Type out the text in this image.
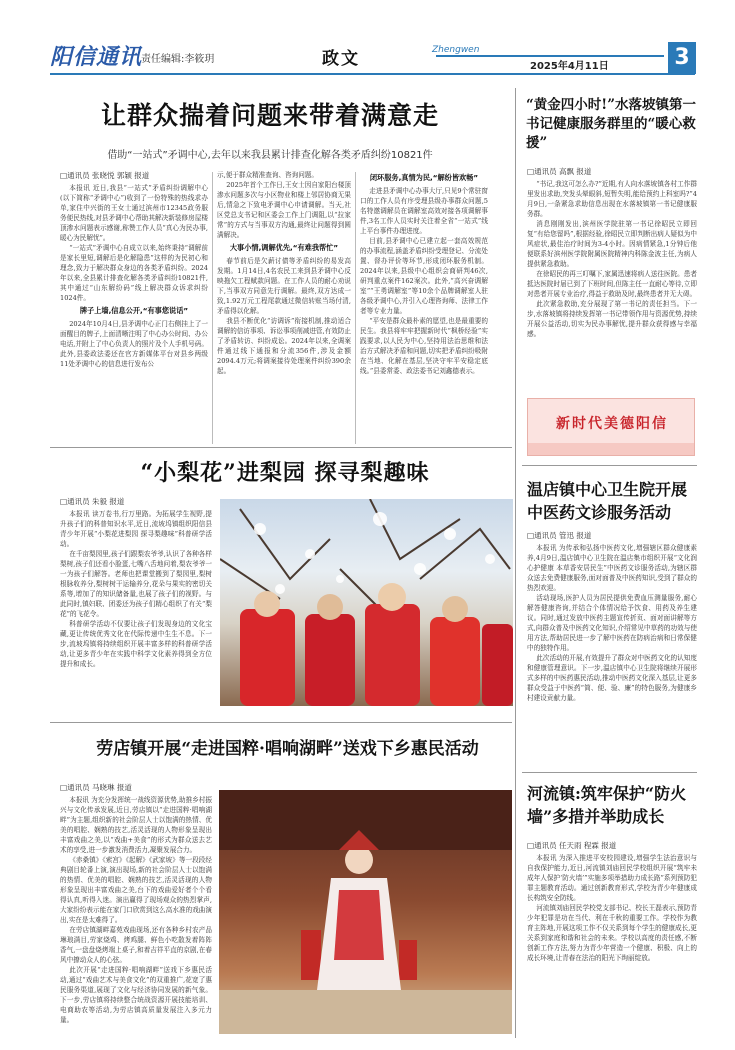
阳信通讯
责任编辑:李筱玥	政文	Zhengwen
2025年4月11日	3
让群众揣着问题来带着满意走
借助“一站式”矛调中心,去年以来我县累计排查化解各类矛盾纠纷10821件
□通讯员 张晓悦 郭颖 报道

本报讯 近日,我县“一站式”矛盾纠纷调解中心(以下简称“矛调中心”)收到了一份特殊的热线求办单,家住中兴街的王女士通过滨州市12345政务服务便民热线,对县矛调中心帮助其解决新装修房屋楼顶渗水问题表示感谢,称赞工作人员“真心为民办事,暖心为民解忧”。

“一站式”矛调中心自成立以来,始终秉持“调解前是家长里短,调解后是化解隐患”这样的为民初心和理念,致力于解决群众身边的各类矛盾纠纷。2024年以来,全县累计排查化解各类矛盾纠纷10821件,其中通过“山东解纷码”线上解决群众诉求纠纷1024件。

牌子上墙,信息公开,“有事您说话”

2024年10月4日,县矛调中心正门右侧挂上了一面醒目的牌子,上面清晰注明了中心办公时间、办公电话,并附上了中心负责人的照片及个人手机号码。此外,县委政法委还在官方新媒体平台对县乡两级11处矛调中心的信息进行发布公

示,便于群众精准查询、咨询问题。

2025年首个工作日,王女士因自家阳台楼顶渗水问题多次与小区物业和楼上邻居协商无果后,情急之下致电矛调中心申请调解。当天,社区党总支书记和区委会工作上门调阻,以“拉家常”的方式与当事双方沟通,最终让问题得到圆满解决。

大事小情,调解优先,“有难我帮忙”

春节前后是欠薪讨债等矛盾纠纷的易发高发期。1月14日,4名农民工来到县矛调中心反映拖欠工程赋款问题。在工作人员的耐心劝说下,当事双方同意先行调解。最终,双方达成一致,1.92万元工程尾款通过微信转账当场付清,矛盾得以化解。

我县不断优化“访调诉”衔接机制,推动适合调解的信访事项、诉讼事项削减进管,有效防止了矛盾转访、纠纷成讼。2024年以来,全调案件通过线下通报和分流356件,涉及金额2094.4万元;将调案接待处理案件纠纷390余起。

闭环服务,真情为民,“解纷皆欢畅”

走进县矛调中心办事大厅,只见9个常驻窗口的工作人员有序受理县级办事群众问题,5名特邀调解员在调解室高效对接各项调解事件,3名工作人员实时关注着全省“一站式”线上平台事件办理进度。

目前,县矛调中心已建立起一套高效规范的办事流程,涵盖矛盾纠纷受理登记、分流处置、督办评价等环节,形成闭环服务机制。2024年以来,县级中心组织会商研判46次,研判重点案件162案次。此外,“高兴奋调解室”“王勇调解室”等10余个品牌调解室人驻各级矛调中心,并引入心理咨询师、法律工作者等专业力量。

“平安是群众最朴素的愿望,也是最重要的民生。我县将牢牢把握新时代“枫桥经验”实践要求,以人民为中心,坚持用法治思维和法治方式解决矛盾和问题,切实把矛盾纠纷吸附在当地、化解在基层,坚决守牢平安稳定底线。”县委常委、政法委书记刘鑫德表示。

“黄金四小时!”水落坡镇第一书记健康服务群里的“暖心救援”
□通讯员 高飘 报道

“书记,我这可怎么办?”近期,有人向水落坡镇各村工作群里发出求助,突发头晕眼斜,短暂失明,能给预约上科室吗?”4月9日,一条紧急求助信息出现在水落坡镇第一书记健康服务群。

消息刚刚发出,滨州医学院驻第一书记徐昭民立即回复“有给您留吗”,根据经验,徐昭民立即判断出病人疑似为中风症状,最佳治疗时间为3-4小时。因病情紧急,1分钟后他便联系好滨州医学院附属医院精神内科陈金波主任,为病人提供紧急救助。

在徐昭民的再三叮嘱下,家属迅速将病人送往医院。患者抵达医院时届已到了下班时间,但陈主任一直耐心等待,立即对患者开展专业治疗,得益于救助及时,最终患者并无大碍。

此次紧急救助,充分展现了第一书记的责任担当。下一步,水落坡镇将持续发挥第一书记带领作用与资源优势,持续开展公益活动,切实为民办事解忧,提升群众获得感与幸福感。

新时代美德阳信
“小梨花”进梨园 探寻梨趣味
□通讯员 朱毅 报道

本报讯 读万卷书,行万里路。为拓展学生视野,提升孩子们的科普知识水平,近日,流坡坞镇组织阳信县青少年开展“小梨花进梨园 探寻梨趣味”科普研学活动。

在千亩梨园里,孩子们跟梨农爷爷,认识了各种各样梨树,孩子们还看小脸蛋,七嘴八舌地问着,梨农爷爷一一为孩子们解答。老师也把课堂搬到了梨园里,梨树根脉收养分,梨树树干运输养分,花朵与果实的密切关系等,增加了的知识储备量,也展了孩子们的视野。与此同时,镇妇联、团委还为孩子们精心组织了有关“梨花”的飞花令。

科普研学活动不仅要让孩子们发现身边的文化宝藏,更让传统优秀文化在代际传递中生生不息。下一步,流坡坞镇将持续组织开展丰富多样的科普研学活动,让更多青少年在实践中科学文化素养得到全方位提升和成长。

劳店镇开展“走进国粹·唱响湖畔”送戏下乡惠民活动
□通讯员 马晓琳 报道

本报讯 为充分发挥统一战线资源优势,助推乡村振兴与文化传承发展,近日,劳店镇以“走进国粹·唱响湖畔”为主题,组织新的社会阶层人士以饱满的热情、优美的唱腔、娴熟的技艺,活灵活现的人物形象呈现出丰富戏曲之美,以“戏曲+美食”的形式为群众送去艺术的享受,进一步激发消费活力,凝聚发展合力。

《赤桑镇》《索宫》《起解》《武家坡》等一段段经典剧目轮番上演,演出现场,新的社会阶层人士以饱满的热情、优美的唱腔、娴熟的技艺,活灵活现的人物形象呈现出丰富戏曲之美,台下的戏曲爱好者个个看得认真,听得入迷。演出赢得了现场观众的热烈掌声,大家纷纷表示能在家门口欣赏到这么高水准的戏曲演出,实在是太难得了。

在劳店镇湖畔嘉苑戏曲现场,还有各种乡村农产品琳琅满目,劳家烧鸡、烤鸡腿、鲜色小吃散发着阵阵香气,一盘盘烧烤端上桌子,和着吉祥平直的京剧,在春风中撩动众人的心弦。

此次开展“走进国粹·唱响湖畔”送戏下乡惠民活动,通过“戏曲艺术与美食文化”的双重推广,花宽了惠民服务渠道,展现了文化与经济协同发展的新气象。下一步,劳店镇将持续整合统战资源开展技能培训、电商助农等活动,为劳店镇高质量发展注入多元力量。

温店镇中心卫生院开展中医药文诊服务活动
□通讯员 管迅 报道

本报讯 为传承和弘扬中医药文化,增强辖区群众健康素养,4月9日,温店镇中心卫生院在温店集市组织开展“文化润心护健康 本草香安居民生”中医药文诊服务活动,为辖区群众送去免费健康服务,面对面普及中医药知识,受到了群众的热烈欢迎。

活动现场,医护人员为居民提供免费血压测量服务,耐心解答健康咨询,并结合个体情况给予饮食、用药及养生建议。同时,通过发放中医药主题宣传折页、面对面讲解等方式,向群众普及中医药文化知识,介绍常见中草药的功效与使用方法,帮助居民进一步了解中医药在防病治病和日常保健中的独特作用。

此次活动的开展,有效提升了群众对中医药文化的认知度和健康管理意识。下一步,温店镇中心卫生院将继续开展形式多样的中医药惠民活动,推动中医药文化深入基层,让更多群众受益于中医药“简、便、验、廉”的特色服务,为健康乡村建设贡献力量。

河流镇:筑牢保护“防火墙”多措并举助成长
□通讯员 任天雨 程霖 报道

本报讯 为深入推进平安校园建设,增强学生法治意识与自我保护能力,近日,河流镇刘庙回民学校组织开展“筑牢未成年人保护‘防火墙’”实施多项举措助力成长路”系列预防犯罪主题教育活动。通过创新教育形式,学校为青少年健康成长构筑安全防线。

河流镇刘庙回民学校党支部书记、校长王磊表示,预防青少年犯罪是功在当代、利在千秋的重要工作。学校作为教育主阵地,开展这项工作不仅关系到每个学生的健康成长,更关系到家庭和谐和社会的未来。学校以高度的责任感,不断创新工作方法,努力为青少年营造一个健康、积极、向上的成长环境,让青春在法治的阳光下绚丽绽放。
